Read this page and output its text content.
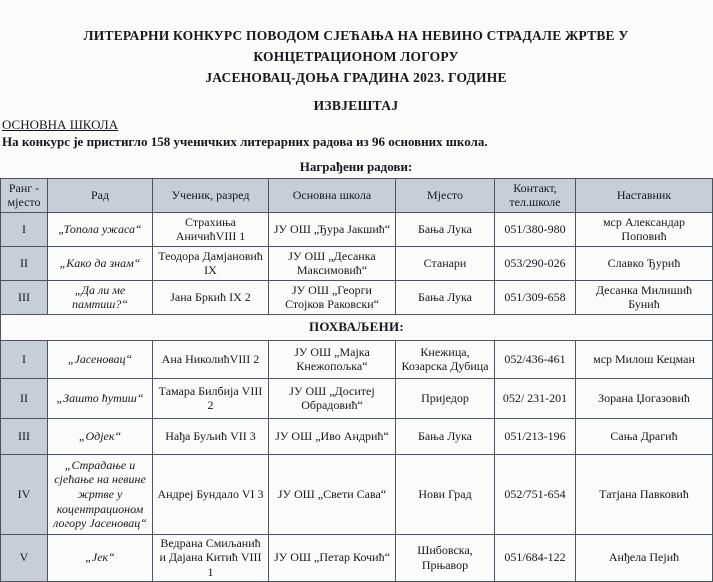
ЛИТЕРАРНИ КОНКУРС ПОВОДОМ СЈЕЋАЊА НА НЕВИНО СТРАДАЛЕ ЖРТВЕ У КОНЦЕТРАЦИОНОМ ЛОГОРУ
ЈАСЕНОВАЦ-ДОЊА ГРАДИНА 2023. ГОДИНЕ
ИЗВЈЕШТАЈ
ОСНОВНА ШКОЛА
На конкурс је пристигло 158 ученичких литерарних радова из 96 основних школа.
Награђени радови:
Ранг - мјесто	Рад	Ученик, разред	Основна школа	Мјесто	Контакт, тел.школе	Наставник
I	„Топола ужаса“	Страхиња АничићVIII 1	ЈУ ОШ „Ђура Јакшић“	Бања Лука	051/380-980	мср Александар Поповић
II	„Како да знам“	Теодора Дамјановић IX	ЈУ ОШ „Десанка Максимовић“	Станари	053/290-026	Славко Ђурић
III	„Да ли ме памтиш?“	Јана Бркић IX 2	ЈУ ОШ „Георги Стојков Раковски“	Бања Лука	051/309-658	Десанка Милишић Бунић
ПОХВАЉЕНИ:						
I	„Јасеновац“	Ана НиколићVIII 2	ЈУ ОШ „Мајка Кнежопољка“	Кнежица, Козарска Дубица	052/436-461	мср Милош Кецман
II	„Зашто ћутиш“	Тамара Билбија VIII 2	ЈУ ОШ „Доситеј Обрадовић“	Приједор	052/ 231-201	Зорана Џогазовић
III	„Одјек“	Нађа Буљић VII 3	ЈУ ОШ „Иво Андрић“	Бања Лука	051/213-196	Сања Драгић
IV	„Страдање и сјећање на невине жртве у коцентрационом логору Јасеновац“	Андреј Бундало VI 3	ЈУ ОШ „Свети Сава“	Нови Град	052/751-654	Татјана Павковић
V	„Јек“	Ведрана Смиљанић и Дајана Китић VIII 1	ЈУ ОШ „Петар Кочић“	Шибовска, Прњавор	051/684-122	Анђела Пејић
